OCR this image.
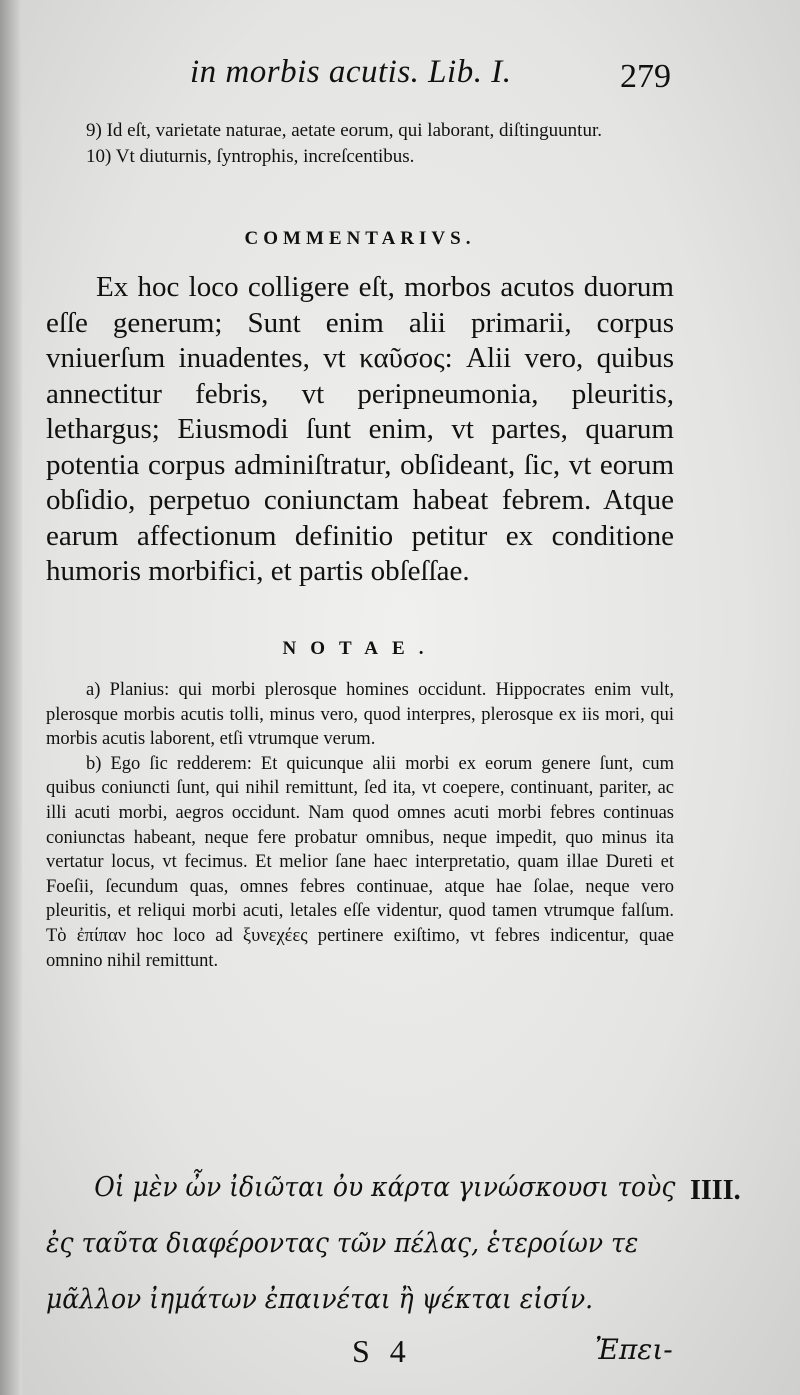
in morbis acutis. Lib. I.	279

9) Id eſt, varietate naturae, aetate eorum, qui laborant, diſtinguuntur.

10) Vt diuturnis, ſyntrophis, increſcentibus.

COMMENTARIVS.
Ex hoc loco colligere eſt, morbos acutos duorum eſſe generum; Sunt enim alii primarii, corpus vniuerſum inuadentes, vt καῦσος: Alii vero, quibus annectitur febris, vt peripneumonia, pleuritis, lethargus; Eiusmodi ſunt enim, vt partes, quarum potentia corpus adminiſtratur, obſideant, ſic, vt eorum obſidio, perpetuo coniunctam habeat febrem. Atque earum affectionum definitio petitur ex conditione humoris morbifici, et partis obſeſſae.
NOTAE.

a) Planius: qui morbi plerosque homines occidunt. Hippocrates enim vult, plerosque morbis acutis tolli, minus vero, quod interpres, plerosque ex iis mori, qui morbis acutis laborent, etſi vtrumque verum.

b) Ego ſic redderem: Et quicunque alii morbi ex eorum genere ſunt, cum quibus coniuncti ſunt, qui nihil remittunt, ſed ita, vt coepere, continuant, pariter, ac illi acuti morbi, aegros occidunt. Nam quod omnes acuti morbi febres continuas coniunctas habeant, neque fere probatur omnibus, neque impedit, quo minus ita vertatur locus, vt fecimus. Et melior ſane haec interpretatio, quam illae Dureti et Foeſii, ſecundum quas, omnes febres continuae, atque hae ſolae, neque vero pleuritis, et reliqui morbi acuti, letales eſſe videntur, quod tamen vtrumque falſum. Τὸ ἐπίπαν hoc loco ad ξυνεχέες pertinere exiſtimo, vt febres indicentur, quae omnino nihil remittunt.

Οἱ μὲν ὦν ἰδιῶται ὀυ κάρτα γινώσκουσι τοὺς
ἐς ταῦτα διαφέροντας τῶν πέλας, ἑτεροίων τε
μᾶλλον ἰημάτων ἐπαινέται ἢ ψέκται εἰσίν.
IIII.
S 4	Ἐπει-
